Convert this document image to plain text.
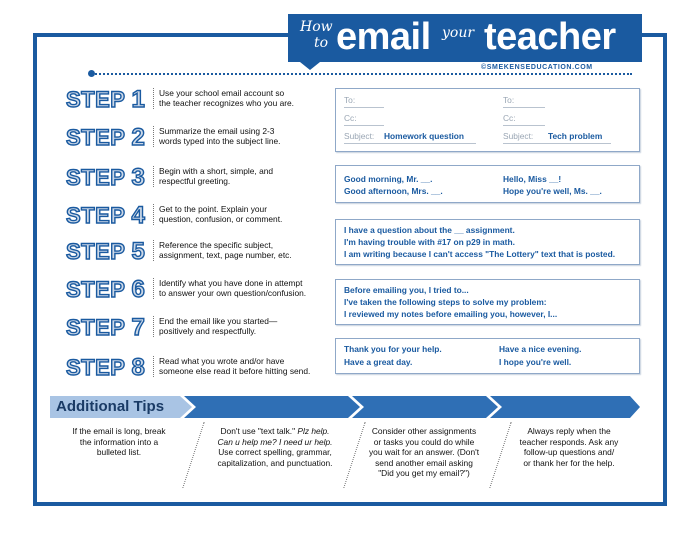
How
to email your teacher
©SMEKENSEDUCATION.COM
STEP 1 Use your school email account so
the teacher recognizes who you are.
STEP 2 Summarize the email using 2-3
words typed into the subject line.
STEP 3 Begin with a short, simple, and
respectful greeting.
STEP 4 Get to the point. Explain your
question, confusion, or comment.
STEP 5 Reference the specific subject,
assignment, text, page number, etc.
STEP 6 Identify what you have done in attempt
to answer your own question/confusion.
STEP 7 End the email like you started—
positively and respectfully.
STEP 8 Read what you wrote and/or have
someone else read it before hitting send.
To:
Cc:
Subject: Homework question
To:
Cc:
Subject: Tech problem
Good morning, Mr. __.
Good afternoon, Mrs. __.
Hello, Miss __!
Hope you're well, Ms. __.
I have a question about the __ assignment.
I'm having trouble with #17 on p29 in math.
I am writing because I can't access "The Lottery" text that is posted.
Before emailing you, I tried to...
I've taken the following steps to solve my problem:
I reviewed my notes before emailing you, however, I...
Thank you for your help.
Have a great day.
Have a nice evening.
I hope you're well.
Additional Tips
If the email is long, break
the information into a
bulleted list.
Don't use "text talk." Plz help.
Can u help me? I need ur help.
Use correct spelling, grammar,
capitalization, and punctuation.
Consider other assignments
or tasks you could do while
you wait for an answer. (Don't
send another email asking
"Did you get my email?")
Always reply when the
teacher responds. Ask any
follow-up questions and/
or thank her for the help.
